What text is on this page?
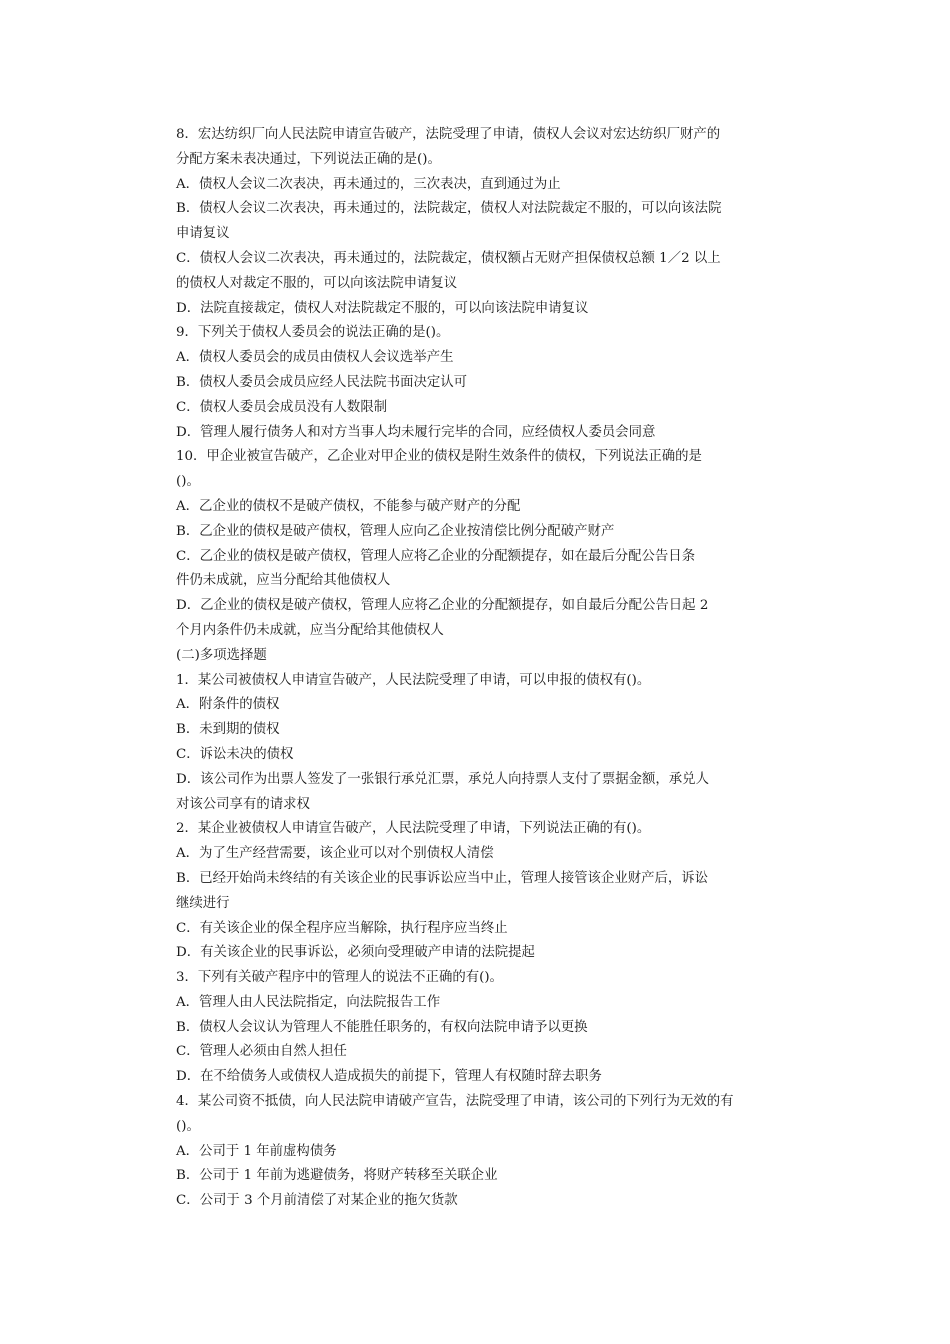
8．宏达纺织厂向人民法院申请宣告破产，法院受理了申请，债权人会议对宏达纺织厂财产的
分配方案未表决通过，下列说法正确的是()。
A．债权人会议二次表决，再未通过的，三次表决，直到通过为止
B．债权人会议二次表决，再未通过的，法院裁定，债权人对法院裁定不服的，可以向该法院
申请复议
C．债权人会议二次表决，再未通过的，法院裁定，债权额占无财产担保债权总额 1／2 以上
的债权人对裁定不服的，可以向该法院申请复议
D．法院直接裁定，债权人对法院裁定不服的，可以向该法院申请复议
9．下列关于债权人委员会的说法正确的是()。
A．债权人委员会的成员由债权人会议选举产生
B．债权人委员会成员应经人民法院书面决定认可
C．债权人委员会成员没有人数限制
D．管理人履行债务人和对方当事人均未履行完毕的合同，应经债权人委员会同意
10．甲企业被宣告破产，乙企业对甲企业的债权是附生效条件的债权，下列说法正确的是
()。
A．乙企业的债权不是破产债权，不能参与破产财产的分配
B．乙企业的债权是破产债权，管理人应向乙企业按清偿比例分配破产财产
C．乙企业的债权是破产债权，管理人应将乙企业的分配额提存，如在最后分配公告日条
件仍未成就，应当分配给其他债权人
D．乙企业的债权是破产债权，管理人应将乙企业的分配额提存，如自最后分配公告日起 2
个月内条件仍未成就，应当分配给其他债权人
(二)多项选择题
1．某公司被债权人申请宣告破产，人民法院受理了申请，可以申报的债权有()。
A．附条件的债权
B．未到期的债权
C．诉讼未决的债权
D．该公司作为出票人签发了一张银行承兑汇票，承兑人向持票人支付了票据金额，承兑人
对该公司享有的请求权
2．某企业被债权人申请宣告破产，人民法院受理了申请，下列说法正确的有()。
A．为了生产经营需要，该企业可以对个别债权人清偿
B．已经开始尚未终结的有关该企业的民事诉讼应当中止，管理人接管该企业财产后，诉讼
继续进行
C．有关该企业的保全程序应当解除，执行程序应当终止
D．有关该企业的民事诉讼，必须向受理破产申请的法院提起
3．下列有关破产程序中的管理人的说法不正确的有()。
A．管理人由人民法院指定，向法院报告工作
B．债权人会议认为管理人不能胜任职务的，有权向法院申请予以更换
C．管理人必须由自然人担任
D．在不给债务人或债权人造成损失的前提下，管理人有权随时辞去职务
4．某公司资不抵债，向人民法院申请破产宣告，法院受理了申请，该公司的下列行为无效的有
()。
A．公司于 1 年前虚构债务
B．公司于 1 年前为逃避债务，将财产转移至关联企业
C．公司于 3 个月前清偿了对某企业的拖欠货款
